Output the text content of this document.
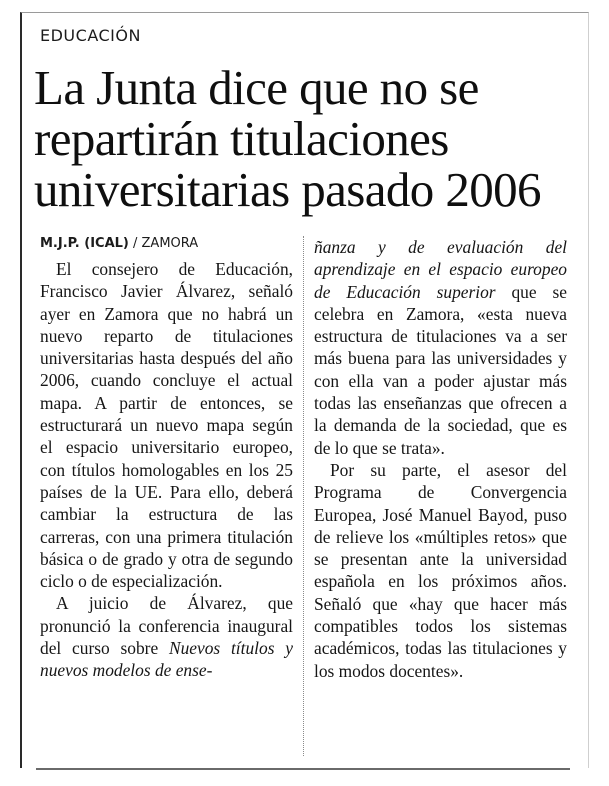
EDUCACIÓN
La Junta dice que no se repartirán titulaciones universitarias pasado 2006
M.J.P. (ICAL) / ZAMORA

El consejero de Educación, Francisco Javier Álvarez, señaló ayer en Zamora que no habrá un nuevo reparto de titulaciones universitarias hasta después del año 2006, cuando concluye el actual mapa. A partir de entonces, se estructurará un nuevo mapa según el espacio universitario europeo, con títulos homologables en los 25 países de la UE. Para ello, deberá cambiar la estructura de las carreras, con una primera titulación básica o de grado y otra de segundo ciclo o de especialización.

A juicio de Álvarez, que pronunció la conferencia inaugural del curso sobre Nuevos títulos y nuevos modelos de ense-

ñanza y de evaluación del aprendizaje en el espacio europeo de Educación superior que se celebra en Zamora, «esta nueva estructura de titulaciones va a ser más buena para las universidades y con ella van a poder ajustar más todas las enseñanzas que ofrecen a la demanda de la sociedad, que es de lo que se trata».

Por su parte, el asesor del Programa de Convergencia Europea, José Manuel Bayod, puso de relieve los «múltiples retos» que se presentan ante la universidad española en los próximos años. Señaló que «hay que hacer más compatibles todos los sistemas académicos, todas las titulaciones y los modos docentes».
